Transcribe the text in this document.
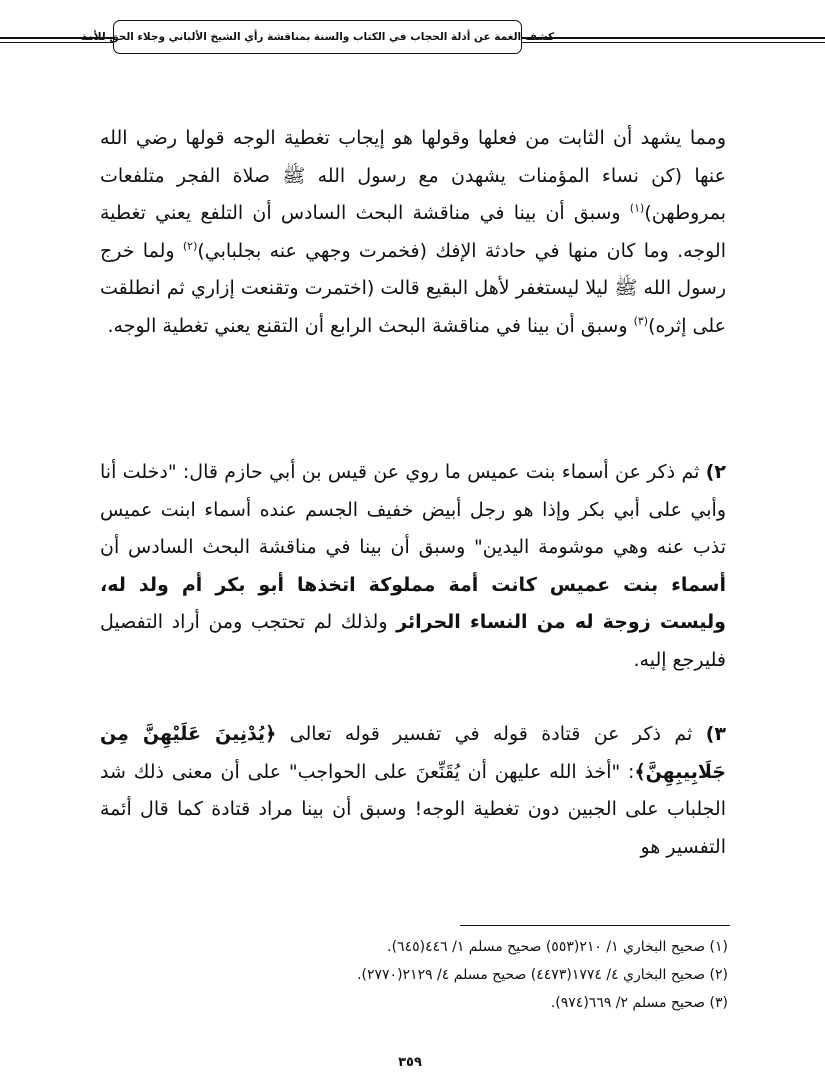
كشف الغمة عن أدلة الحجاب في الكتاب والسنة بمناقشة رأي الشيخ الألباني وجلاء الحق للأمة
ومما يشهد أن الثابت من فعلها وقولها هو إيجاب تغطية الوجه قولها رضي الله عنها (كن نساء المؤمنات يشهدن مع رسول الله ﷺ صلاة الفجر متلفعات بمروطهن)$^{(١)}$ وسبق أن بينا في مناقشة البحث السادس أن التلفع يعني تغطية الوجه. وما كان منها في حادثة الإفك (فخمرت وجهي عنه بجلبابي)$^{(٢)}$ ولما خرج رسول الله ﷺ ليلا ليستغفر لأهل البقيع قالت (اختمرت وتقنعت إزاري ثم انطلقت على إثره)$^{(٣)}$ وسبق أن بينا في مناقشة البحث الرابع أن التقنع يعني تغطية الوجه.
٢) ثم ذكر عن أسماء بنت عميس ما روي عن قيس بن أبي حازم قال: "دخلت أنا وأبي على أبي بكر وإذا هو رجل أبيض خفيف الجسم عنده أسماء ابنت عميس تذب عنه وهي موشومة اليدين" وسبق أن بينا في مناقشة البحث السادس أن أسماء بنت عميس كانت أمة مملوكة اتخذها أبو بكر أم ولد له، وليست زوجة له من النساء الحرائر ولذلك لم تحتجب ومن أراد التفصيل فليرجع إليه.
٣) ثم ذكر عن قتادة قوله في تفسير قوله تعالى ﴿يُدْنِينَ عَلَيْهِنَّ مِن جَلَابِيبِهِنَّ﴾: "أخذ الله عليهن أن يُقَنِّعنَ على الحواجب" على أن معنى ذلك شد الجلباب على الجبين دون تغطية الوجه! وسبق أن بينا مراد قتادة كما قال أئمة التفسير هو
(١) صحيح البخاري ١/ ٢١٠(٥٥٣) صحيح مسلم ١/ ٤٤٦(٦٤٥).
(٢) صحيح البخاري ٤/ ١٧٧٤(٤٤٧٣) صحيح مسلم ٤/ ٢١٢٩(٢٧٧٠).
(٣) صحيح مسلم ٢/ ٦٦٩(٩٧٤).
٣٥٩
